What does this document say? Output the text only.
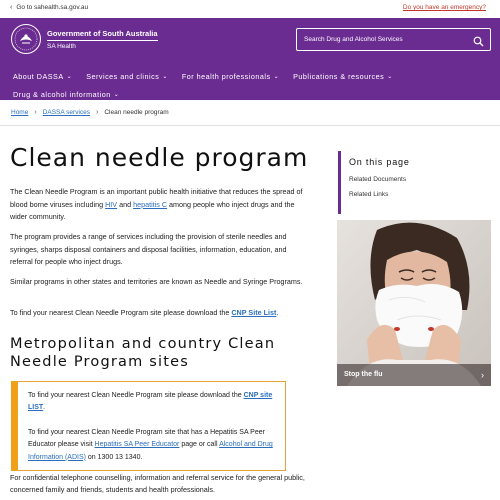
‹ Go to sahealth.sa.gov.au	Do you have an emergency?
Government of South Australia
SA Health
Search Drug and Alcohol Services
About DASSA ⌄ Services and clinics ⌄ For health professionals ⌄ Publications & resources ⌄
Drug & alcohol information ⌄
Home › DASSA services › Clean needle program
Clean needle program

The Clean Needle Program is an important public health initiative that reduces the spread of blood borne viruses including HIV and hepatitis C among people who inject drugs and the wider community.

The program provides a range of services including the provision of sterile needles and syringes, sharps disposal containers and disposal facilities, information, education, and referral for people who inject drugs.

Similar programs in other states and territories are known as Needle and Syringe Programs.

To find your nearest Clean Needle Program site please download the CNP Site List.

Metropolitan and country Clean Needle Program sites

To find your nearest Clean Needle Program site please download the CNP site LIST.

To find your nearest Clean Needle Program site that has a Hepatitis SA Peer Educator please visit Hepatitis SA Peer Educator page or call Alcohol and Drug Information (ADIS) on 1300 13 1340.

For confidential telephone counselling, information and referral service for the general public, concerned family and friends, students and health professionals.

On this page
Related Documents
Related Links
Stop the flu	›
